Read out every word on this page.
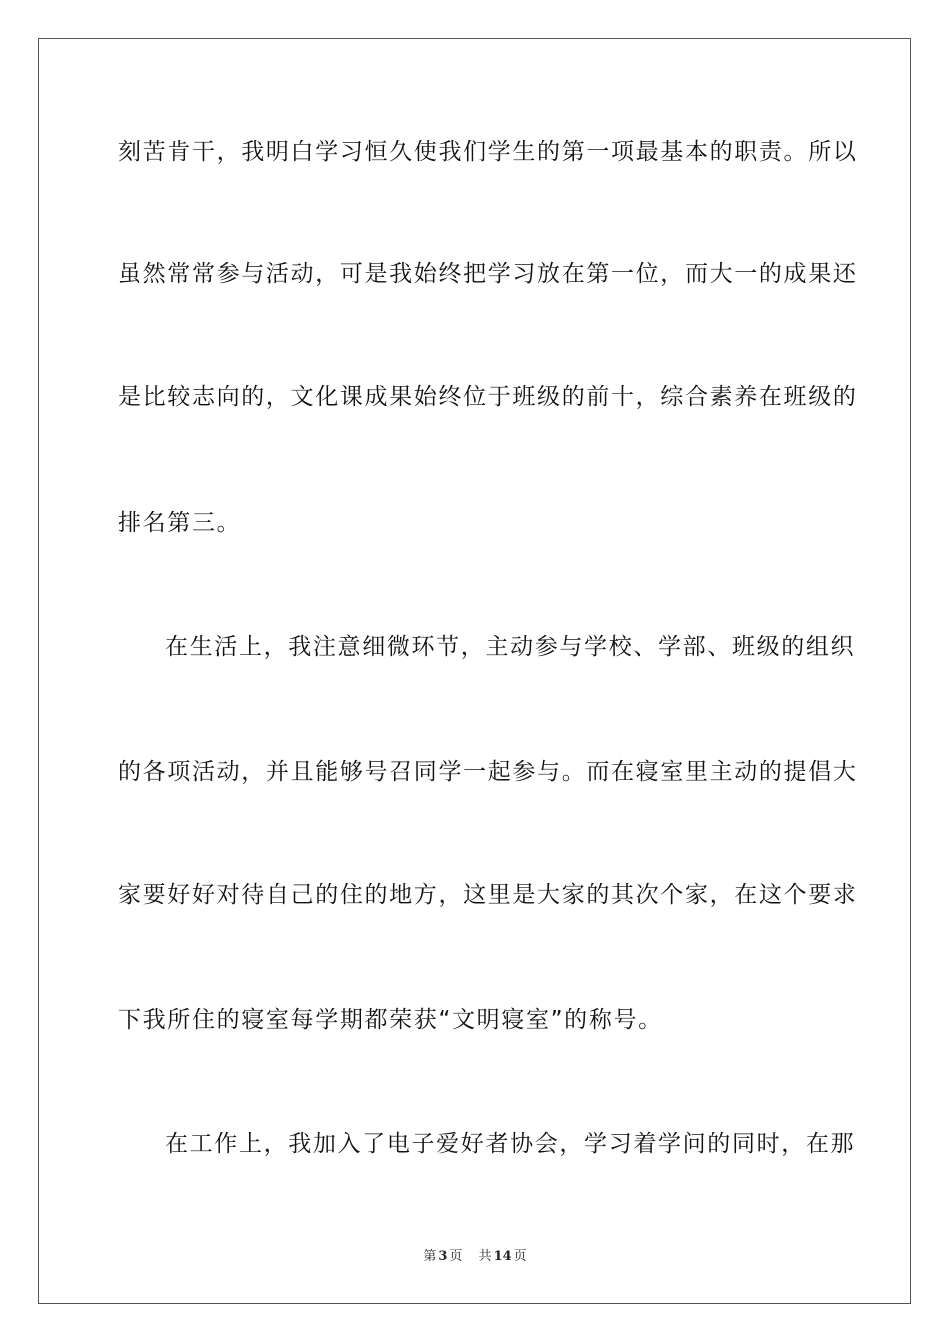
刻苦肯干，我明白学习恒久使我们学生的第一项最基本的职责。所以

虽然常常参与活动，可是我始终把学习放在第一位，而大一的成果还

是比较志向的，文化课成果始终位于班级的前十，综合素养在班级的

排名第三。

在生活上，我注意细微环节，主动参与学校、学部、班级的组织

的各项活动，并且能够号召同学一起参与。而在寝室里主动的提倡大

家要好好对待自己的住的地方，这里是大家的其次个家，在这个要求

下我所住的寝室每学期都荣获“文明寝室”的称号。

在工作上，我加入了电子爱好者协会，学习着学问的同时，在那

第 3 页 共 14 页
